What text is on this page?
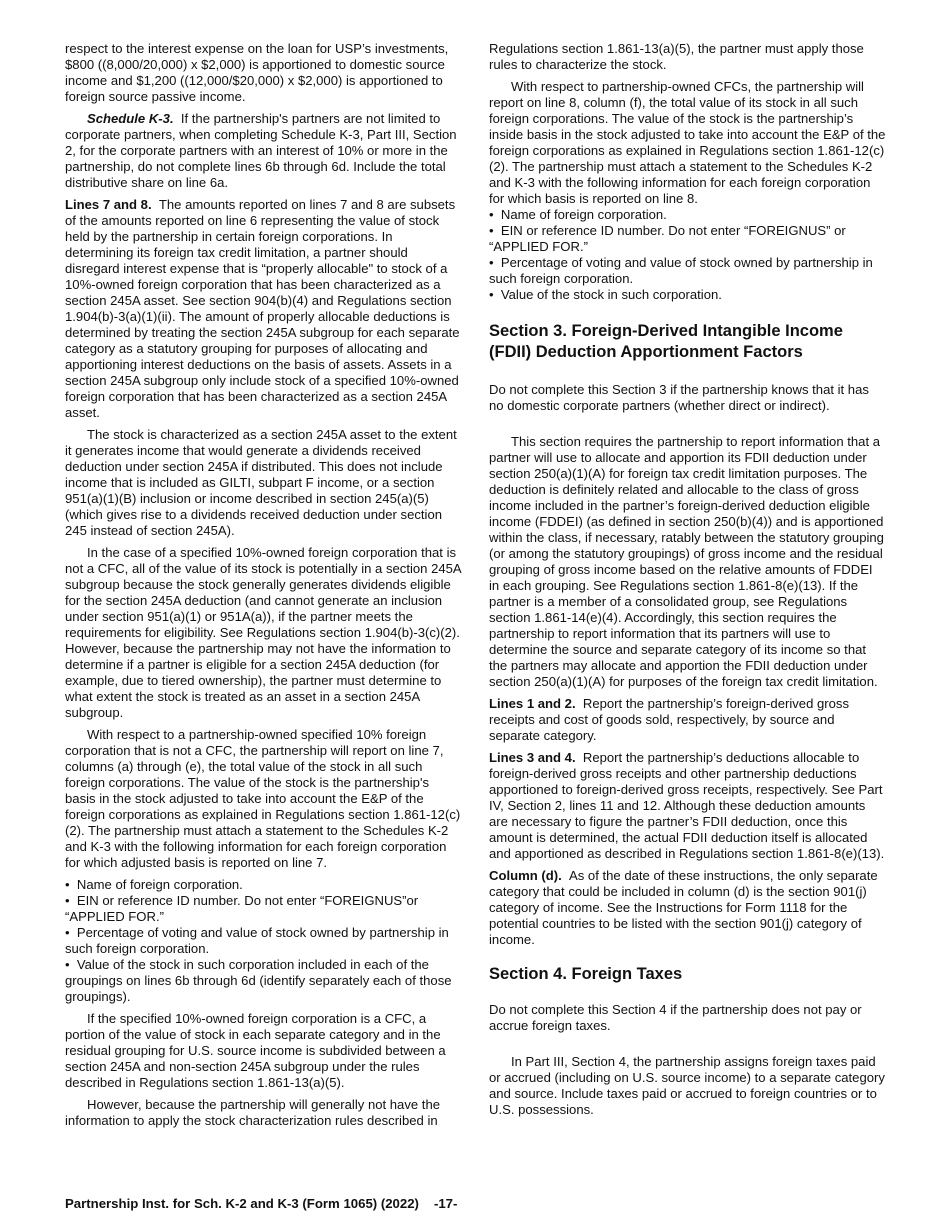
respect to the interest expense on the loan for USP’s investments, $800 ((8,000/20,000) x $2,000) is apportioned to domestic source income and $1,200 ((12,000/$20,000) x $2,000) is apportioned to foreign source passive income.

Schedule K-3. If the partnership's partners are not limited to corporate partners, when completing Schedule K-3, Part III, Section 2, for the corporate partners with an interest of 10% or more in the partnership, do not complete lines 6b through 6d. Include the total distributive share on line 6a.

Lines 7 and 8. The amounts reported on lines 7 and 8 are subsets of the amounts reported on line 6 representing the value of stock held by the partnership in certain foreign corporations. In determining its foreign tax credit limitation, a partner should disregard interest expense that is “properly allocable" to stock of a 10%-owned foreign corporation that has been characterized as a section 245A asset. See section 904(b)(4) and Regulations section 1.904(b)-3(a)(1)(ii). The amount of properly allocable deductions is determined by treating the section 245A subgroup for each separate category as a statutory grouping for purposes of allocating and apportioning interest deductions on the basis of assets. Assets in a section 245A subgroup only include stock of a specified 10%-owned foreign corporation that has been characterized as a section 245A asset.

The stock is characterized as a section 245A asset to the extent it generates income that would generate a dividends received deduction under section 245A if distributed. This does not include income that is included as GILTI, subpart F income, or a section 951(a)(1)(B) inclusion or income described in section 245(a)(5) (which gives rise to a dividends received deduction under section 245 instead of section 245A).

In the case of a specified 10%-owned foreign corporation that is not a CFC, all of the value of its stock is potentially in a section 245A subgroup because the stock generally generates dividends eligible for the section 245A deduction (and cannot generate an inclusion under section 951(a)(1) or 951A(a)), if the partner meets the requirements for eligibility. See Regulations section 1.904(b)-3(c)(2). However, because the partnership may not have the information to determine if a partner is eligible for a section 245A deduction (for example, due to tiered ownership), the partner must determine to what extent the stock is treated as an asset in a section 245A subgroup.

With respect to a partnership-owned specified 10% foreign corporation that is not a CFC, the partnership will report on line 7, columns (a) through (e), the total value of the stock in all such foreign corporations. The value of the stock is the partnership's basis in the stock adjusted to take into account the E&P of the foreign corporations as explained in Regulations section 1.861-12(c)(2). The partnership must attach a statement to the Schedules K-2 and K-3 with the following information for each foreign corporation for which adjusted basis is reported on line 7.

•  Name of foreign corporation.

•  EIN or reference ID number. Do not enter “FOREIGNUS”or “APPLIED FOR.”

•  Percentage of voting and value of stock owned by partnership in such foreign corporation.

•  Value of the stock in such corporation included in each of the groupings on lines 6b through 6d (identify separately each of those groupings).

If the specified 10%-owned foreign corporation is a CFC, a portion of the value of stock in each separate category and in the residual grouping for U.S. source income is subdivided between a section 245A and non-section 245A subgroup under the rules described in Regulations section 1.861-13(a)(5).

However, because the partnership will generally not have the information to apply the stock characterization rules described in

Regulations section 1.861-13(a)(5), the partner must apply those rules to characterize the stock.

With respect to partnership-owned CFCs, the partnership will report on line 8, column (f), the total value of its stock in all such foreign corporations. The value of the stock is the partnership’s inside basis in the stock adjusted to take into account the E&P of the foreign corporations as explained in Regulations section 1.861-12(c)(2). The partnership must attach a statement to the Schedules K-2 and K-3 with the following information for each foreign corporation for which basis is reported on line 8.

•  Name of foreign corporation.

•  EIN or reference ID number. Do not enter “FOREIGNUS” or “APPLIED FOR.”

•  Percentage of voting and value of stock owned by partnership in such foreign corporation.

•  Value of the stock in such corporation.

Section 3. Foreign-Derived Intangible Income (FDII) Deduction Apportionment Factors

Do not complete this Section 3 if the partnership knows that it has no domestic corporate partners (whether direct or indirect).

This section requires the partnership to report information that a partner will use to allocate and apportion its FDII deduction under section 250(a)(1)(A) for foreign tax credit limitation purposes. The deduction is definitely related and allocable to the class of gross income included in the partner’s foreign-derived deduction eligible income (FDDEI) (as defined in section 250(b)(4)) and is apportioned within the class, if necessary, ratably between the statutory grouping (or among the statutory groupings) of gross income and the residual grouping of gross income based on the relative amounts of FDDEI in each grouping. See Regulations section 1.861-8(e)(13). If the partner is a member of a consolidated group, see Regulations section 1.861-14(e)(4). Accordingly, this section requires the partnership to report information that its partners will use to determine the source and separate category of its income so that the partners may allocate and apportion the FDII deduction under section 250(a)(1)(A) for purposes of the foreign tax credit limitation.

Lines 1 and 2. Report the partnership’s foreign-derived gross receipts and cost of goods sold, respectively, by source and separate category.

Lines 3 and 4. Report the partnership’s deductions allocable to foreign-derived gross receipts and other partnership deductions apportioned to foreign-derived gross receipts, respectively. See Part IV, Section 2, lines 11 and 12. Although these deduction amounts are necessary to figure the partner’s FDII deduction, once this amount is determined, the actual FDII deduction itself is allocated and apportioned as described in Regulations section 1.861-8(e)(13).

Column (d). As of the date of these instructions, the only separate category that could be included in column (d) is the section 901(j) category of income. See the Instructions for Form 1118 for the potential countries to be listed with the section 901(j) category of income.

Section 4. Foreign Taxes

Do not complete this Section 4 if the partnership does not pay or accrue foreign taxes.

In Part III, Section 4, the partnership assigns foreign taxes paid or accrued (including on U.S. source income) to a separate category and source. Include taxes paid or accrued to foreign countries or to U.S. possessions.

Partnership Inst. for Sch. K-2 and K-3 (Form 1065) (2022) -17-
